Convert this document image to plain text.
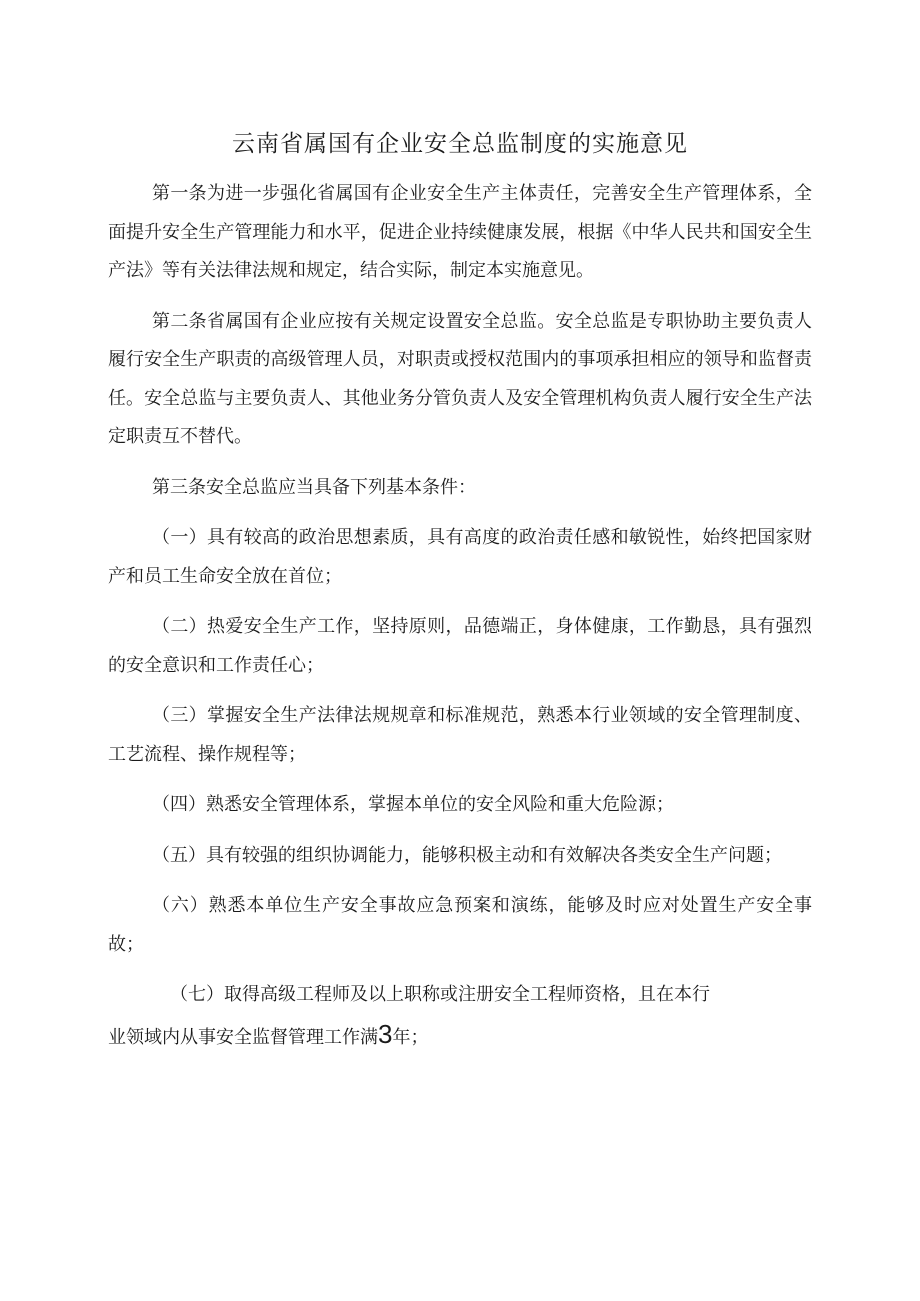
云南省属国有企业安全总监制度的实施意见

第一条为进一步强化省属国有企业安全生产主体责任，完善安全生产管理体系，全面提升安全生产管理能力和水平，促进企业持续健康发展，根据《中华人民共和国安全生产法》等有关法律法规和规定，结合实际，制定本实施意见。

第二条省属国有企业应按有关规定设置安全总监。安全总监是专职协助主要负责人履行安全生产职责的高级管理人员，对职责或授权范围内的事项承担相应的领导和监督责任。安全总监与主要负责人、其他业务分管负责人及安全管理机构负责人履行安全生产法定职责互不替代。

第三条安全总监应当具备下列基本条件：

（一）具有较高的政治思想素质，具有高度的政治责任感和敏锐性，始终把国家财产和员工生命安全放在首位；

（二）热爱安全生产工作，坚持原则，品德端正，身体健康，工作勤恳，具有强烈的安全意识和工作责任心；

（三）掌握安全生产法律法规规章和标准规范，熟悉本行业领域的安全管理制度、工艺流程、操作规程等；

（四）熟悉安全管理体系，掌握本单位的安全风险和重大危险源；

（五）具有较强的组织协调能力，能够积极主动和有效解决各类安全生产问题；

（六）熟悉本单位生产安全事故应急预案和演练，能够及时应对处置生产安全事故；

（七）取得高级工程师及以上职称或注册安全工程师资格，且在本行
业领域内从事安全监督管理工作满3年；
